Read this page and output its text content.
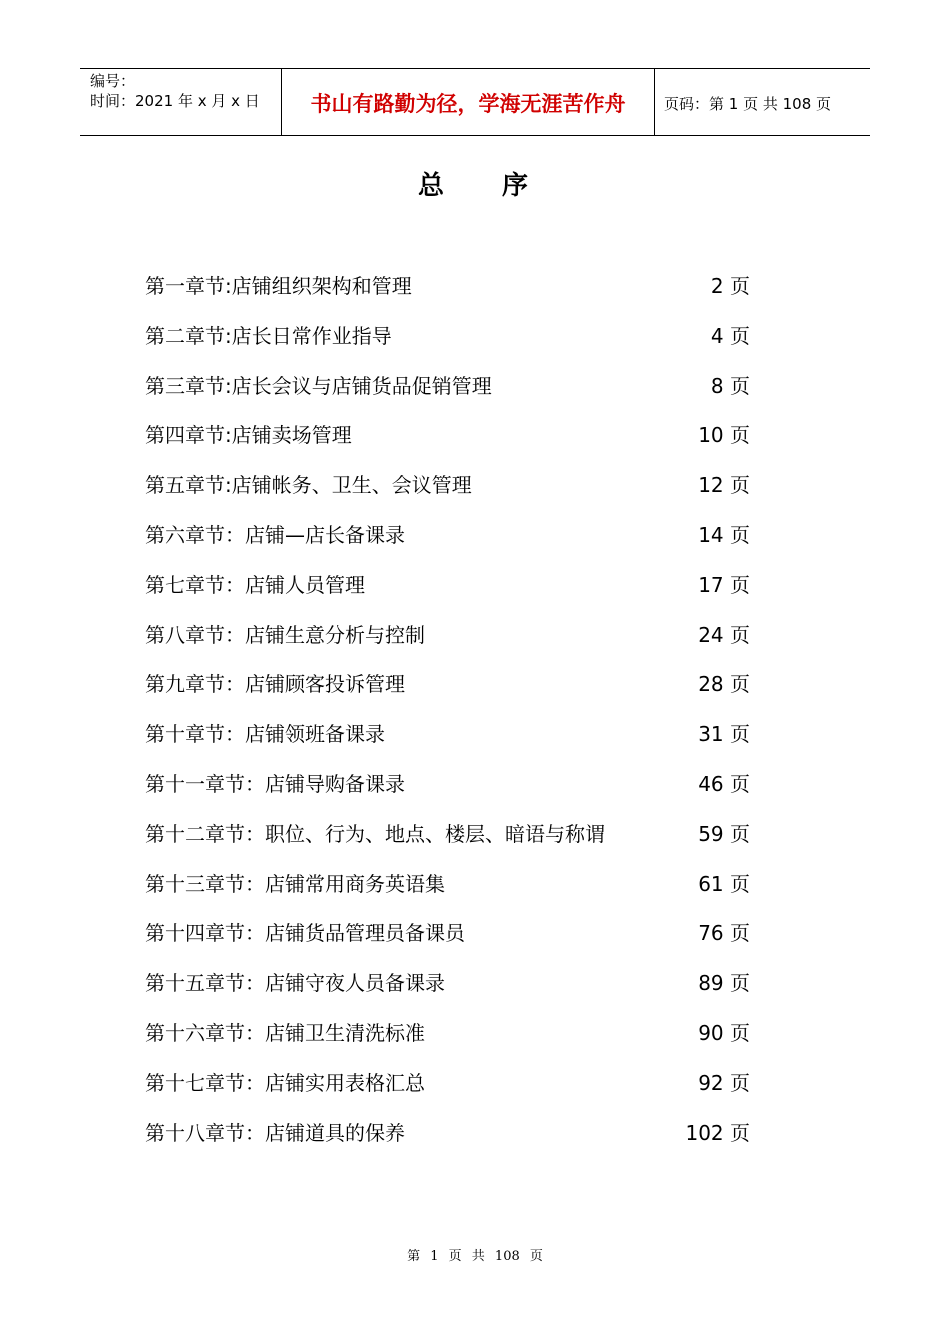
编号：
时间：2021 年 x 月 x 日	书山有路勤为径，学海无涯苦作舟	页码：第 1 页 共 108 页
总序
第一章节:店铺组织架构和管理	2 页
第二章节:店长日常作业指导	4 页
第三章节:店长会议与店铺货品促销管理	8 页
第四章节:店铺卖场管理	10 页
第五章节:店铺帐务、卫生、会议管理	12 页
第六章节：店铺—店长备课录	14 页
第七章节：店铺人员管理	17 页
第八章节：店铺生意分析与控制	24 页
第九章节：店铺顾客投诉管理	28 页
第十章节：店铺领班备课录	31 页
第十一章节：店铺导购备课录	46 页
第十二章节：职位、行为、地点、楼层、暗语与称谓	59 页
第十三章节：店铺常用商务英语集	61 页
第十四章节：店铺货品管理员备课员	76 页
第十五章节：店铺守夜人员备课录	89 页
第十六章节：店铺卫生清洗标准	90 页
第十七章节：店铺实用表格汇总	92 页
第十八章节：店铺道具的保养	102 页
第 1 页 共 108 页
